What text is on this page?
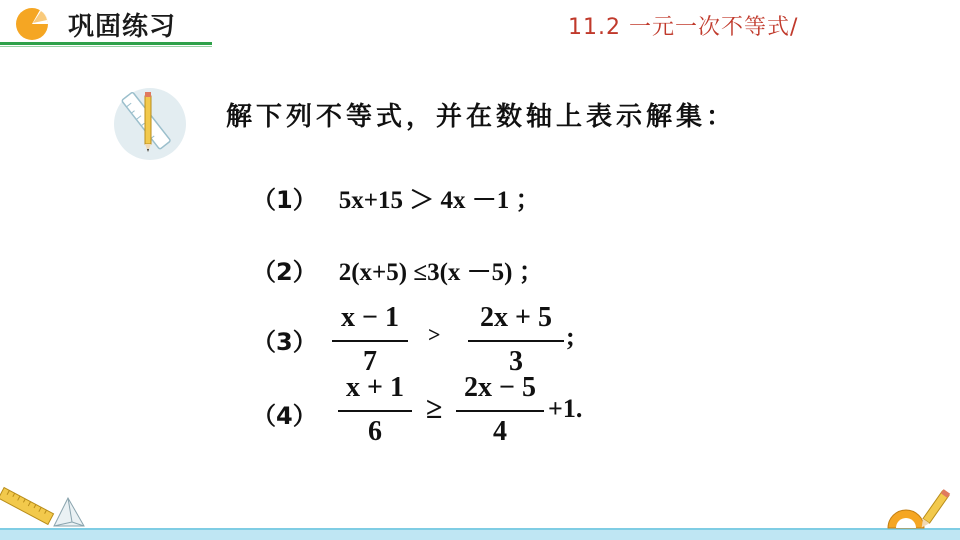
巩固练习	11.2 一元一次不等式/
解下列不等式，并在数轴上表示解集：
（1） 5x+15 ＞ 4x －1 ；
（2） 2(x+5) ≤3(x －5) ；
$(3) \frac{x - 1}{7} > \frac{2x + 5}{3}$ ;
$(4) \frac{x + 1}{6} \ge \frac{2x - 5}{4} +1$.
